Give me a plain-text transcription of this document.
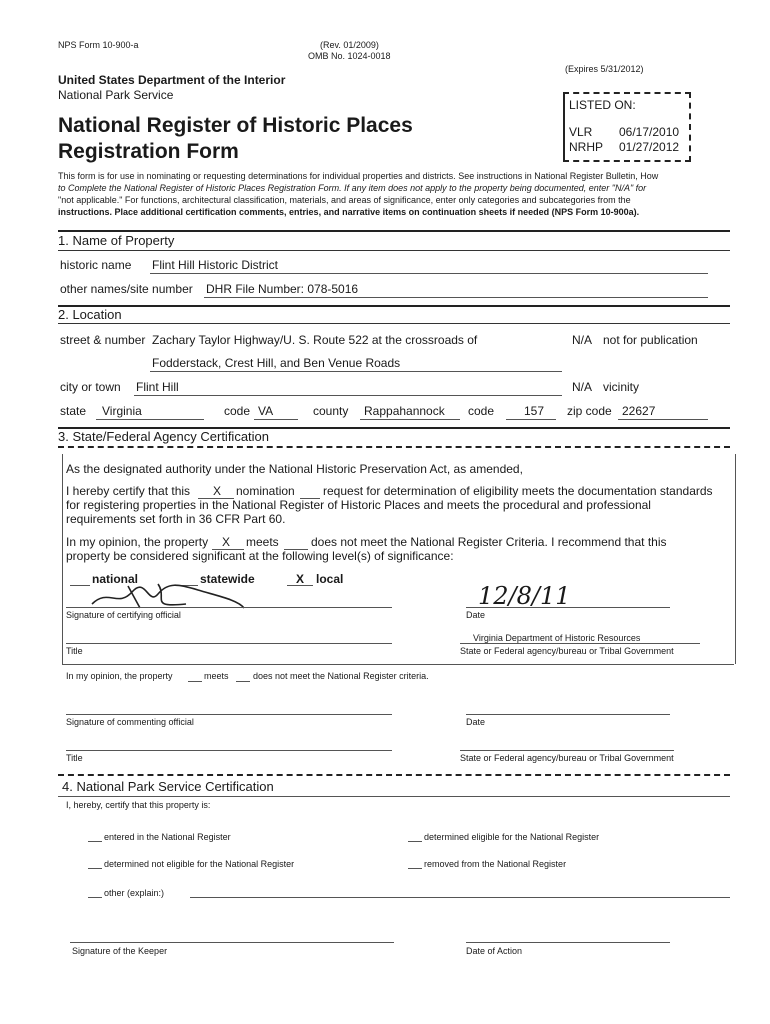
NPS Form 10-900-a	(Rev. 01/2009)
OMB No. 1024-0018
(Expires 5/31/2012)
United States Department of the Interior
National Park Service
National Register of Historic Places
Registration Form
LISTED ON:
VLR 06/17/2010
NRHP 01/27/2012
This form is for use in nominating or requesting determinations for individual properties and districts. See instructions in National Register Bulletin, How
to Complete the National Register of Historic Places Registration Form. If any item does not apply to the property being documented, enter "N/A" for
"not applicable." For functions, architectural classification, materials, and areas of significance, enter only categories and subcategories from the
instructions. Place additional certification comments, entries, and narrative items on continuation sheets if needed (NPS Form 10-900a).
1. Name of Property
historic name Flint Hill Historic District
other names/site number DHR File Number: 078-5016
2. Location
street & number Zachary Taylor Highway/U. S. Route 522 at the crossroads of
Fodderstack, Crest Hill, and Ben Venue Roads
N/A not for publication
city or town Flint Hill	N/A vicinity
state Virginia	code VA	county Rappahannock code 157 zip code 22627
3. State/Federal Agency Certification
As the designated authority under the National Historic Preservation Act, as amended,
I hereby certify that this X nomination request for determination of eligibility meets the documentation standards
for registering properties in the National Register of Historic Places and meets the procedural and professional
requirements set forth in 36 CFR Part 60.
In my opinion, the property X meets	does not meet the National Register Criteria. I recommend that this
property be considered significant at the following level(s) of significance:
national	statewide	X local
Signature of certifying official
12/8/11
Date
Title
Virginia Department of Historic Resources
State or Federal agency/bureau or Tribal Government
In my opinion, the property	meets	does not meet the National Register criteria.
Signature of commenting official	Date
Title	State or Federal agency/bureau or Tribal Government
4. National Park Service Certification
I, hereby, certify that this property is:
entered in the National Register	determined eligible for the National Register
determined not eligible for the National Register	removed from the National Register
other (explain:)
Signature of the Keeper	Date of Action
